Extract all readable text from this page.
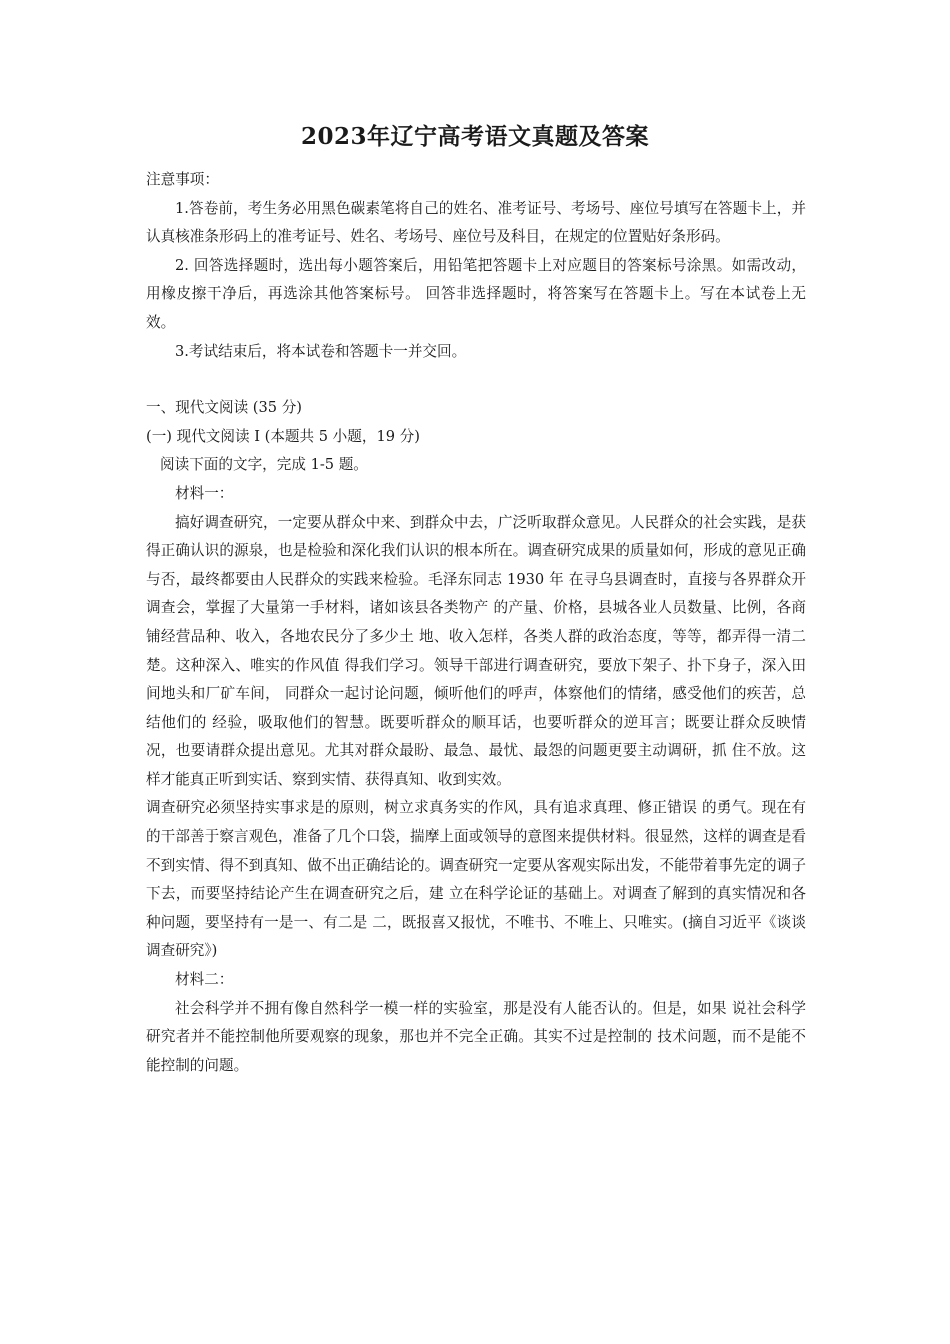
2023年辽宁高考语文真题及答案

注意事项：

1.答卷前，考生务必用黑色碳素笔将自己的姓名、准考证号、考场号、座位号填写在答题卡上，并认真核准条形码上的准考证号、姓名、考场号、座位号及科目，在规定的位置贴好条形码。

2. 回答选择题时，选出每小题答案后，用铅笔把答题卡上对应题目的答案标号涂黑。如需改动，用橡皮擦干净后，再选涂其他答案标号。 回答非选择题时，将答案写在答题卡上。写在本试卷上无效。

3.考试结束后，将本试卷和答题卡一并交回。

一、现代文阅读 (35 分)

(一) 现代文阅读 I (本题共 5 小题，19 分)

阅读下面的文字，完成 1-5 题。

材料一：

搞好调查研究，一定要从群众中来、到群众中去，广泛听取群众意见。人民群众的社会实践，是获得正确认识的源泉，也是检验和深化我们认识的根本所在。调查研究成果的质量如何，形成的意见正确与否，最终都要由人民群众的实践来检验。毛泽东同志 1930 年 在寻乌县调查时，直接与各界群众开调查会，掌握了大量第一手材料，诸如该县各类物产 的产量、价格，县城各业人员数量、比例，各商铺经营品种、收入，各地农民分了多少土 地、收入怎样，各类人群的政治态度，等等，都弄得一清二楚。这种深入、唯实的作风值 得我们学习。领导干部进行调查研究，要放下架子、扑下身子，深入田间地头和厂矿车间， 同群众一起讨论问题，倾听他们的呼声，体察他们的情绪，感受他们的疾苦，总结他们的 经验，吸取他们的智慧。既要听群众的顺耳话，也要听群众的逆耳言；既要让群众反映情 况，也要请群众提出意见。尤其对群众最盼、最急、最忧、最怨的问题更要主动调研，抓 住不放。这样才能真正听到实话、察到实情、获得真知、收到实效。

调查研究必须坚持实事求是的原则，树立求真务实的作风，具有追求真理、修正错误 的勇气。现在有的干部善于察言观色，准备了几个口袋，揣摩上面或领导的意图来提供材料。很显然，这样的调查是看不到实情、得不到真知、做不出正确结论的。调查研究一定要从客观实际出发，不能带着事先定的调子下去，而要坚持结论产生在调查研究之后，建 立在科学论证的基础上。对调查了解到的真实情况和各种问题，要坚持有一是一、有二是 二，既报喜又报忧，不唯书、不唯上、只唯实。(摘自习近平《谈谈调查研究》)

材料二：

社会科学并不拥有像自然科学一模一样的实验室，那是没有人能否认的。但是，如果 说社会科学研究者并不能控制他所要观察的现象，那也并不完全正确。其实不过是控制的 技术问题，而不是能不能控制的问题。
